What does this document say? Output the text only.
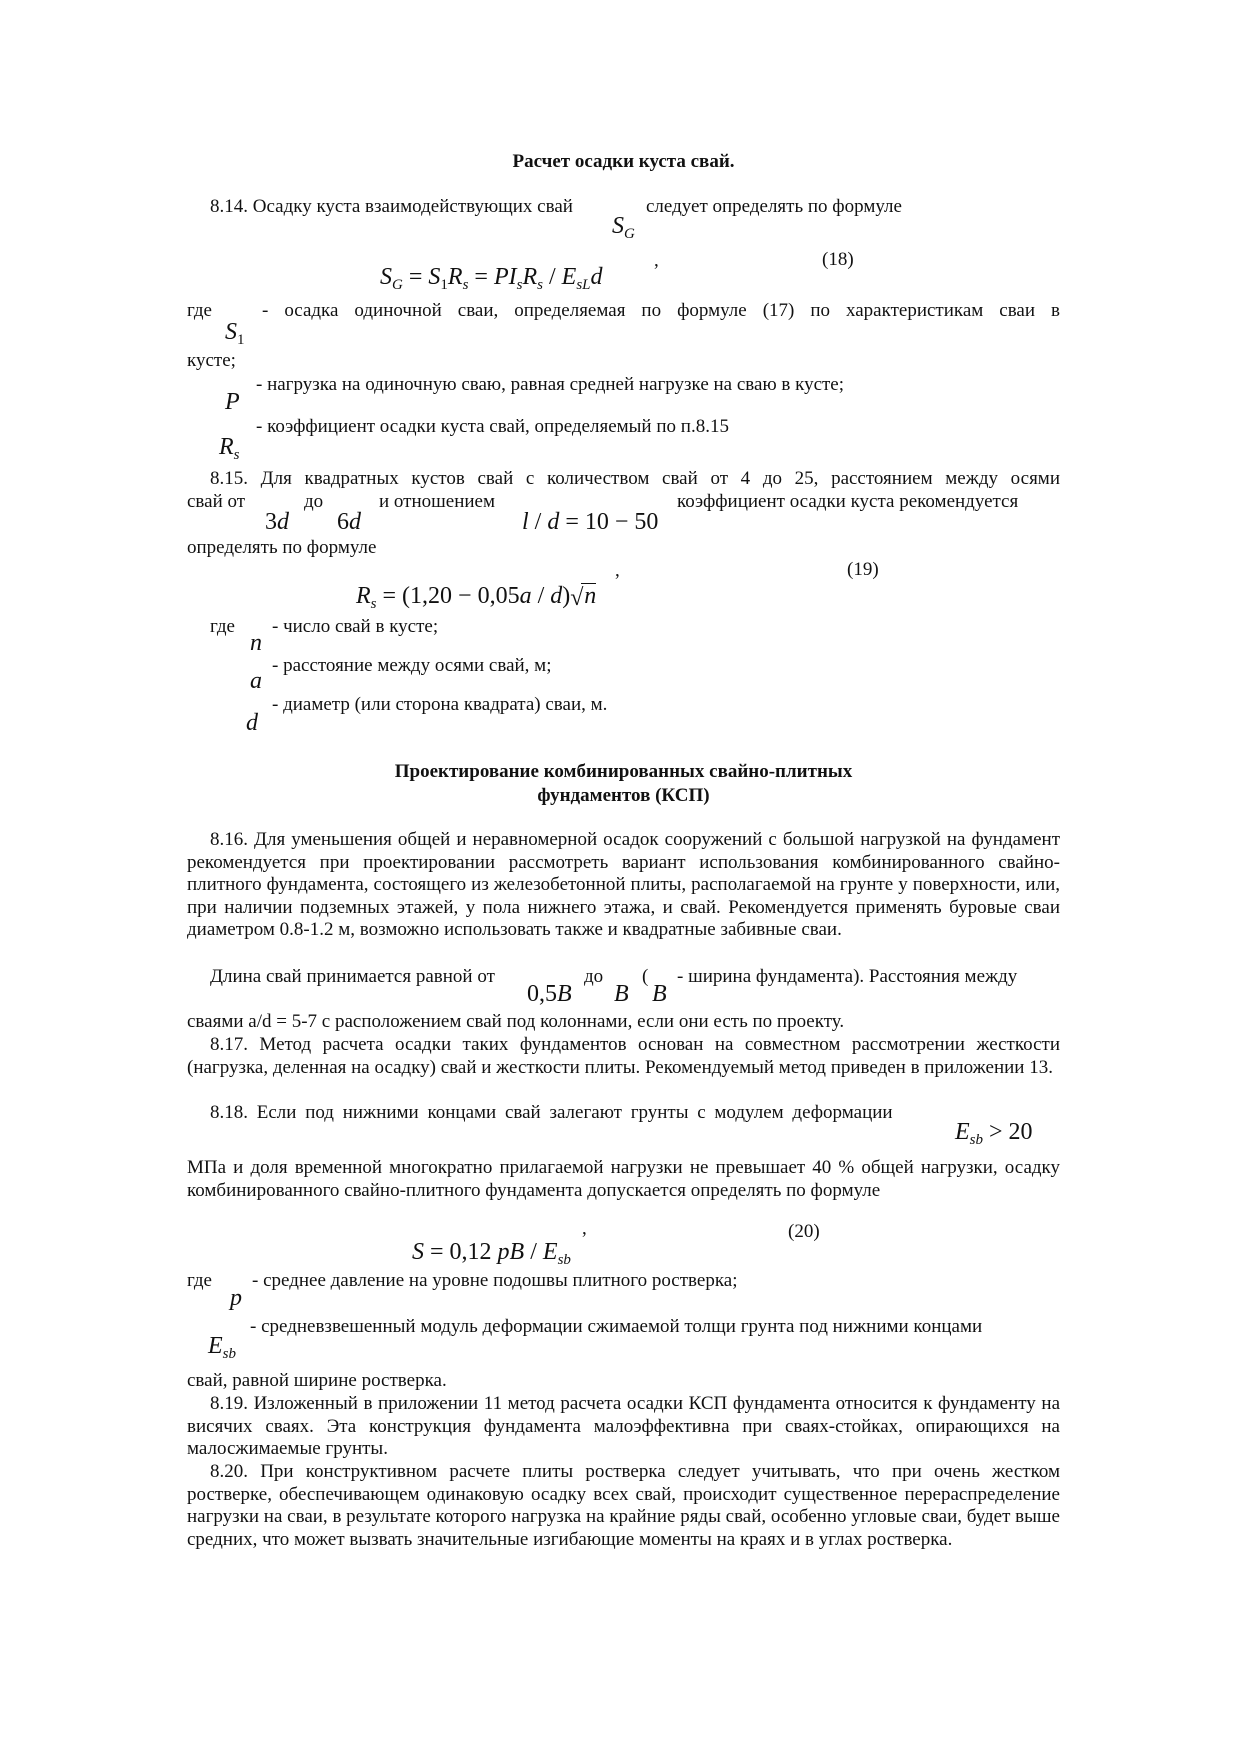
Расчет осадки куста свай.
8.14. Осадку куста взаимодействующих свай	следует определять по формуле
$S_G$
$S_G = S_1R_s = PI_sR_s / E_{sL}d$
,	(18)
где	- осадка одиночной сваи, определяемая по формуле (17) по характеристикам сваи в
$S_1$
кусте;
- нагрузка на одиночную сваю, равная средней нагрузке на сваю в кусте;
P
- коэффициент осадки куста свай, определяемый по п.8.15
$R_s$
8.15. Для квадратных кустов свай с количеством свай от 4 до 25, расстоянием между осями
свай от	до	и отношением	коэффициент осадки куста рекомендуется
3d 6d	l / d = 10 − 50
определять по формуле
$R_s = (1,20 - 0,05a / d)$ √ n
,	(19)
где - число свай в кусте;
n
- расстояние между осями свай, м;
a
- диаметр (или сторона квадрата) сваи, м.
d
Проектирование комбинированных свайно-плитных
фундаментов (КСП)
8.16. Для уменьшения общей и неравномерной осадок сооружений с большой нагрузкой на фундамент рекомендуется при проектировании рассмотреть вариант использования комбинированного свайно-плитного фундамента, состоящего из железобетонной плиты, располагаемой на грунте у поверхности, или, при наличии подземных этажей, у пола нижнего этажа, и свай. Рекомендуется применять буровые сваи диаметром 0.8-1.2 м, возможно использовать также и квадратные забивные сваи.
Длина свай принимается равной от	до ( - ширина фундамента). Расстояния между
0,5B B B
сваями a/d = 5-7 с расположением свай под колоннами, если они есть по проекту.
8.17. Метод расчета осадки таких фундаментов основан на совместном рассмотрении жесткости (нагрузка, деленная на осадку) свай и жесткости плиты. Рекомендуемый метод приведен в приложении 13.
8.18. Если под нижними концами свай залегают грунты с модулем деформации
$E_{sb} > 20$
МПа и доля временной многократно прилагаемой нагрузки не превышает 40 % общей нагрузки, осадку комбинированного свайно-плитного фундамента допускается определять по формуле
S = 0,12 pB / $E_{sb}$
,	(20)
где - среднее давление на уровне подошвы плитного ростверка;
p
- средневзвешенный модуль деформации сжимаемой толщи грунта под нижними концами
$E_{sb}$
свай, равной ширине ростверка.
8.19. Изложенный в приложении 11 метод расчета осадки КСП фундамента относится к фундаменту на висячих сваях. Эта конструкция фундамента малоэффективна при сваях-стойках, опирающихся на малосжимаемые грунты.
8.20. При конструктивном расчете плиты ростверка следует учитывать, что при очень жестком ростверке, обеспечивающем одинаковую осадку всех свай, происходит существенное перераспределение нагрузки на сваи, в результате которого нагрузка на крайние ряды свай, особенно угловые сваи, будет выше средних, что может вызвать значительные изгибающие моменты на краях и в углах ростверка.
